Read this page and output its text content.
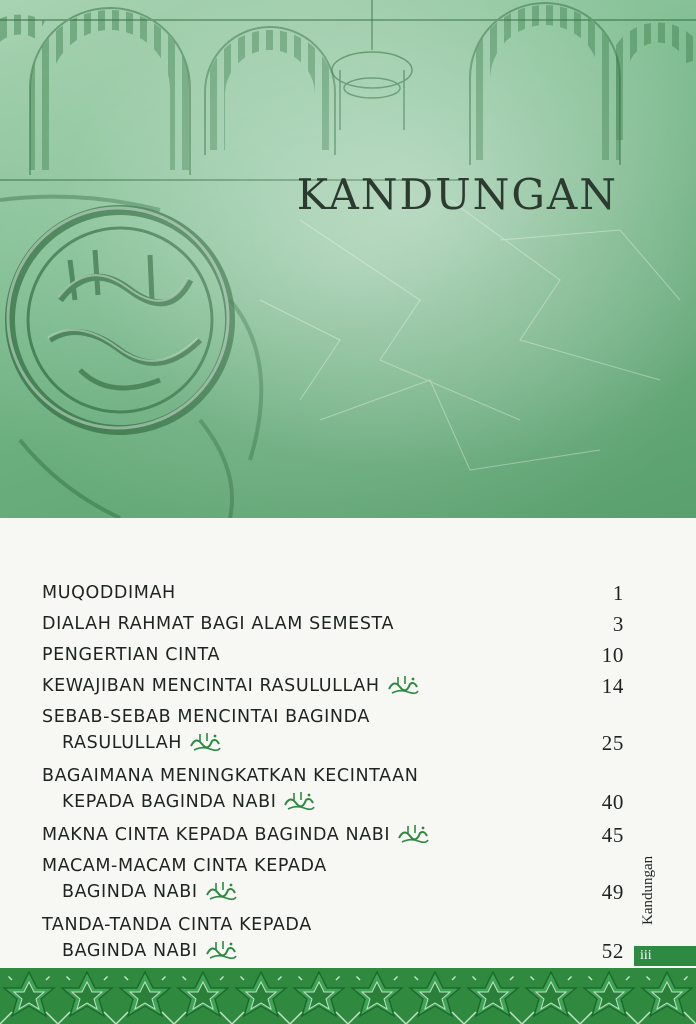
KANDUNGAN
MUQODDIMAH	1
DIALAH RAHMAT BAGI ALAM SEMESTA	3
PENGERTIAN CINTA	10
KEWAJIBAN MENCINTAI RASULULLAH	14
SEBAB-SEBAB MENCINTAI BAGINDA
RASULULLAH	25
BAGAIMANA MENINGKATKAN KECINTAAN
KEPADA BAGINDA NABI	40
MAKNA CINTA KEPADA BAGINDA NABI	45
MACAM-MACAM CINTA KEPADA
BAGINDA NABI	49
TANDA-TANDA CINTA KEPADA
BAGINDA NABI	52
Kandungan
iii
